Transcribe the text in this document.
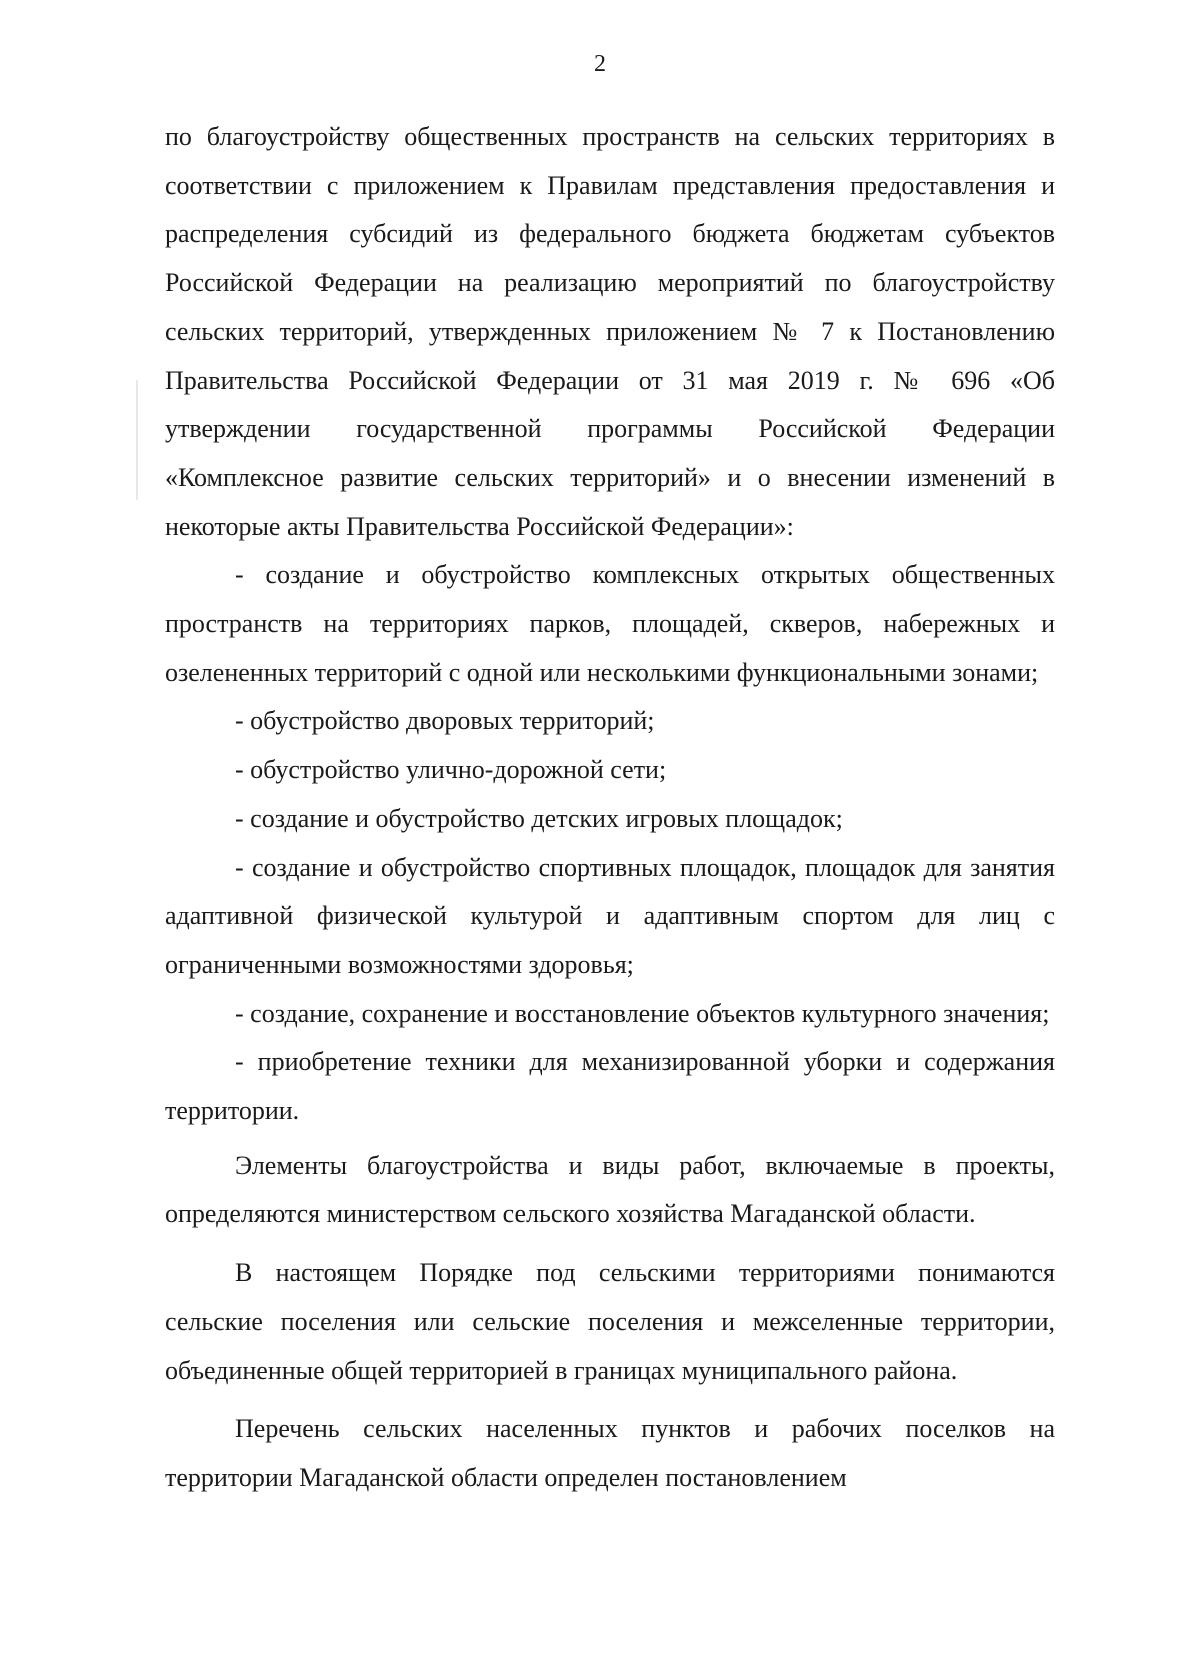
2

по благоустройству общественных пространств на сельских территориях в соответствии с приложением к Правилам представления предоставления и распределения субсидий из федерального бюджета бюджетам субъектов Российской Федерации на реализацию мероприятий по благоустройству сельских территорий, утвержденных приложением № 7 к Постановлению Правительства Российской Федерации от 31 мая 2019 г. № 696 «Об утверждении государственной программы Российской Федерации «Комплексное развитие сельских территорий» и о внесении изменений в некоторые акты Правительства Российской Федерации»:

- создание и обустройство комплексных открытых общественных пространств на территориях парков, площадей, скверов, набережных и озелененных территорий с одной или несколькими функциональными зонами;

- обустройство дворовых территорий;

- обустройство улично-дорожной сети;

- создание и обустройство детских игровых площадок;

- создание и обустройство спортивных площадок, площадок для занятия адаптивной физической культурой и адаптивным спортом для лиц с ограниченными возможностями здоровья;

- создание, сохранение и восстановление объектов культурного значения;

- приобретение техники для механизированной уборки и содержания территории.

Элементы благоустройства и виды работ, включаемые в проекты, определяются министерством сельского хозяйства Магаданской области.

В настоящем Порядке под сельскими территориями понимаются сельские поселения или сельские поселения и межселенные территории, объединенные общей территорией в границах муниципального района.

Перечень сельских населенных пунктов и рабочих поселков на территории Магаданской области определен постановлением
